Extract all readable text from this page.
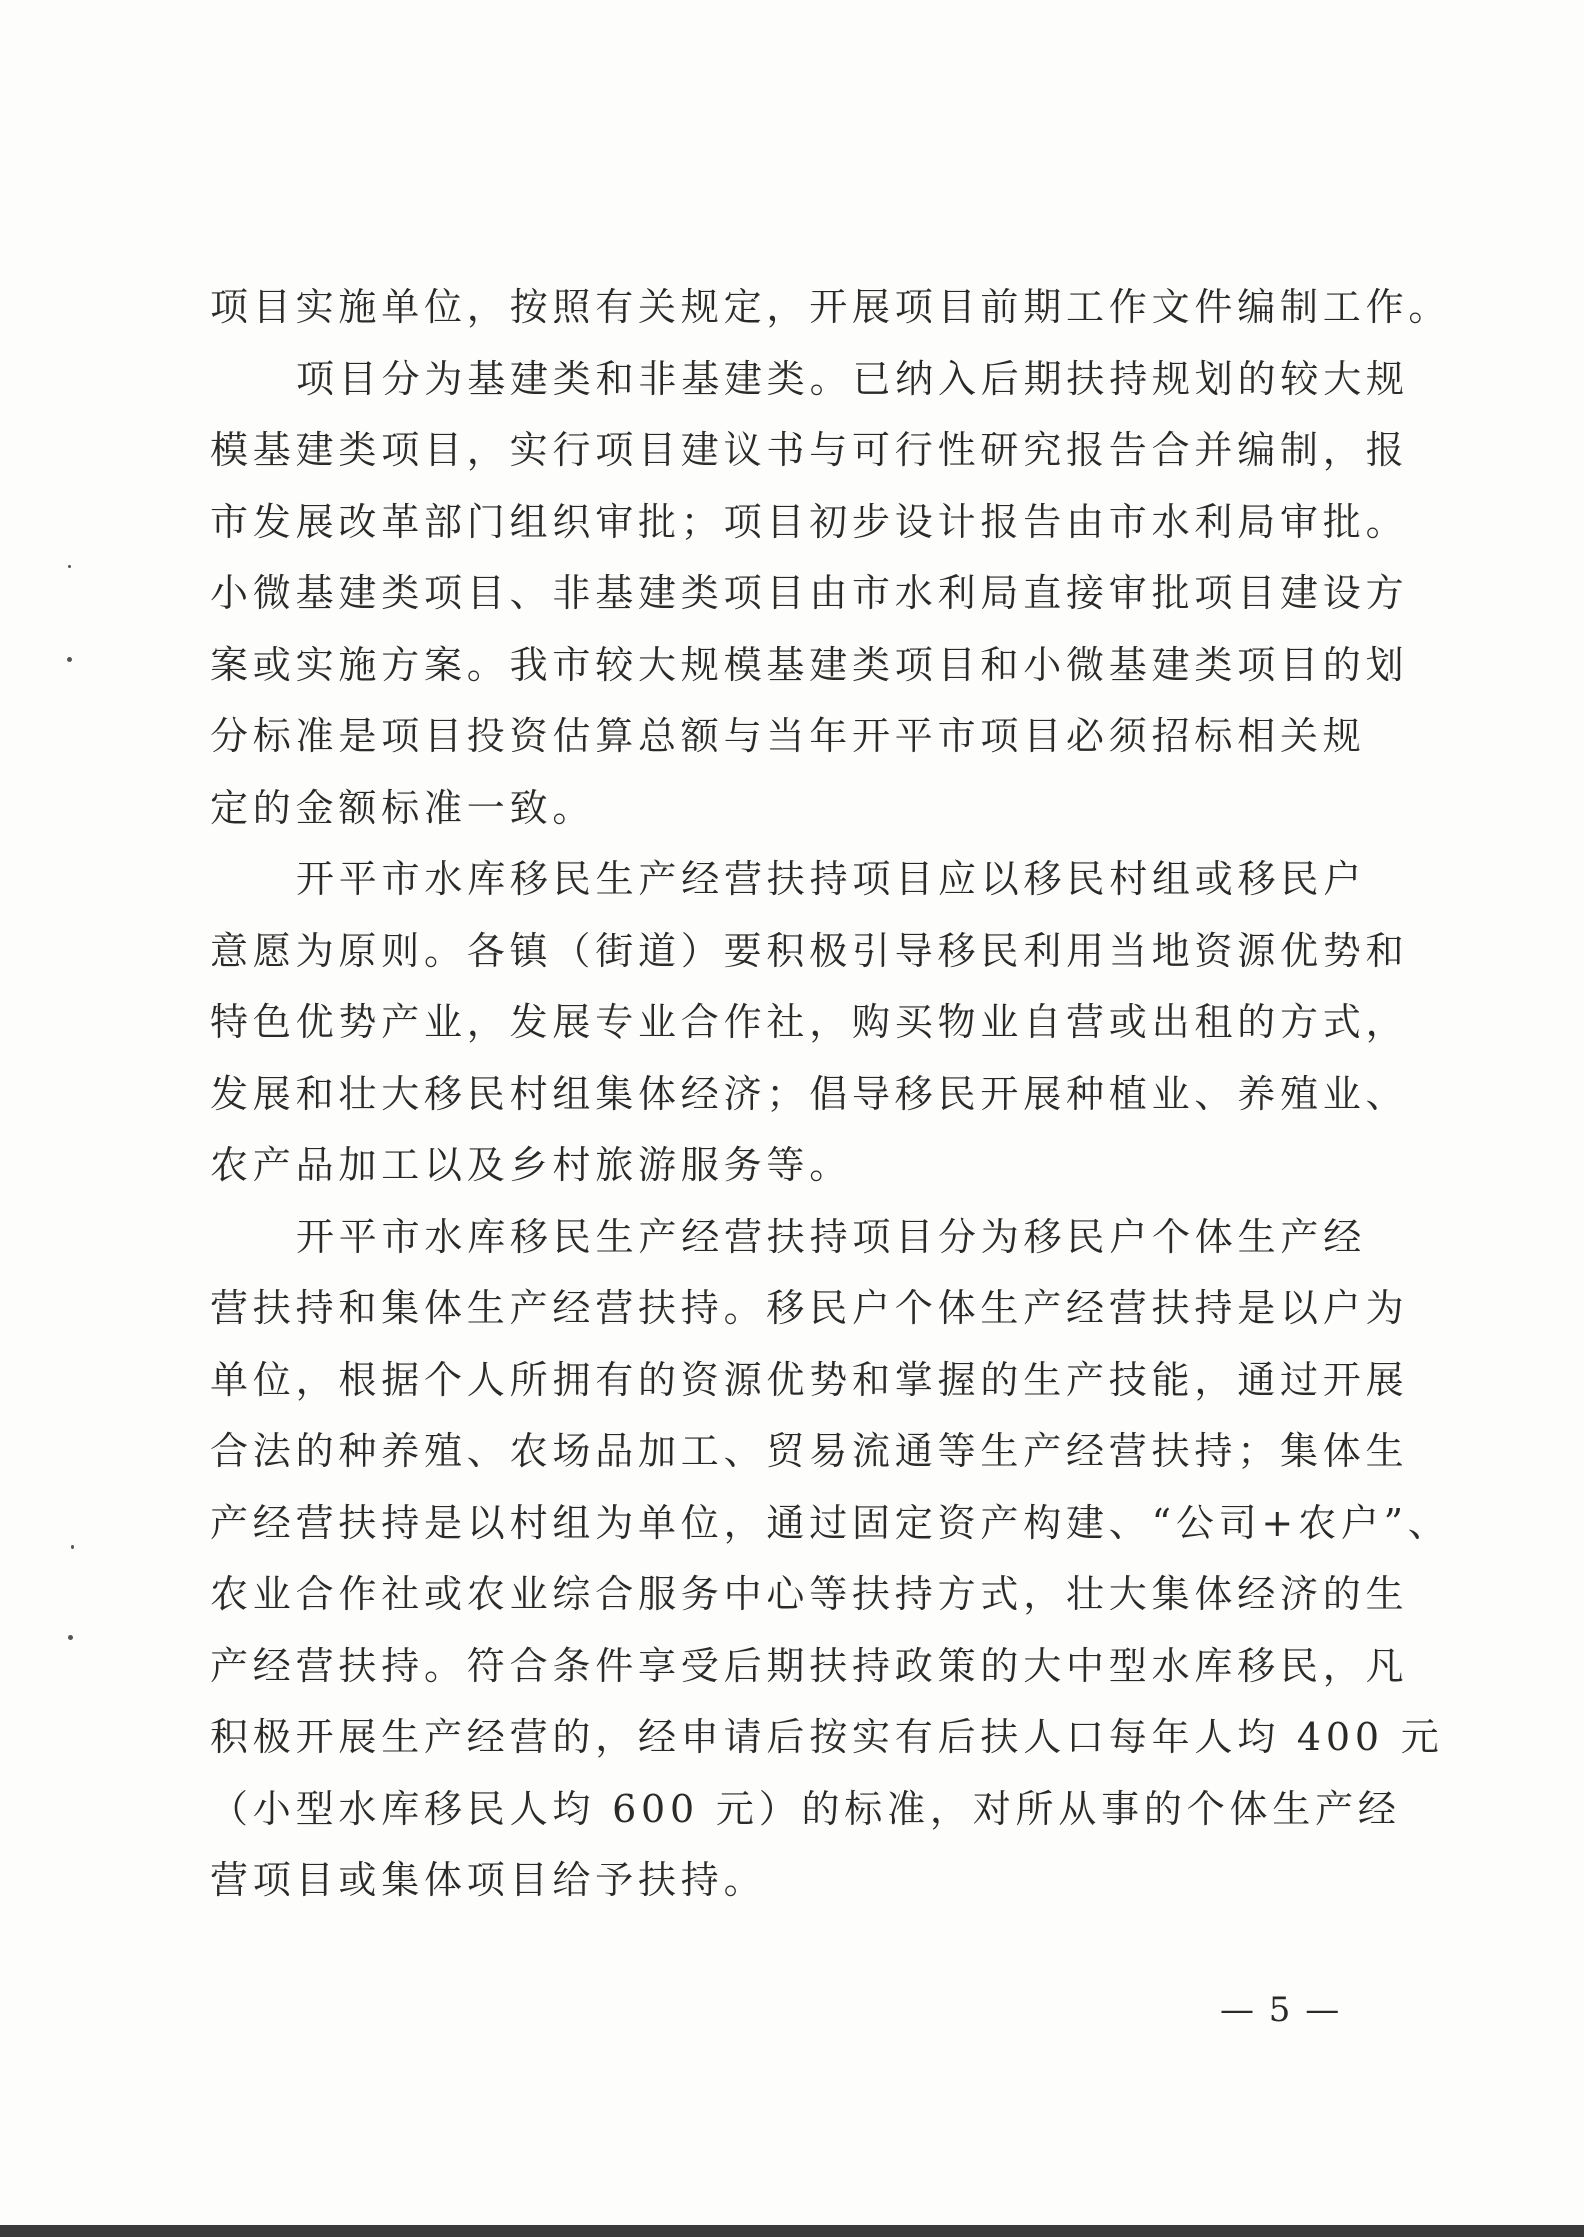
项目实施单位，按照有关规定，开展项目前期工作文件编制工作。
项目分为基建类和非基建类。已纳入后期扶持规划的较大规
模基建类项目，实行项目建议书与可行性研究报告合并编制，报
市发展改革部门组织审批；项目初步设计报告由市水利局审批。
小微基建类项目、非基建类项目由市水利局直接审批项目建设方
案或实施方案。我市较大规模基建类项目和小微基建类项目的划
分标准是项目投资估算总额与当年开平市项目必须招标相关规
定的金额标准一致。
开平市水库移民生产经营扶持项目应以移民村组或移民户
意愿为原则。各镇（街道）要积极引导移民利用当地资源优势和
特色优势产业，发展专业合作社，购买物业自营或出租的方式，
发展和壮大移民村组集体经济；倡导移民开展种植业、养殖业、
农产品加工以及乡村旅游服务等。
开平市水库移民生产经营扶持项目分为移民户个体生产经
营扶持和集体生产经营扶持。移民户个体生产经营扶持是以户为
单位，根据个人所拥有的资源优势和掌握的生产技能，通过开展
合法的种养殖、农场品加工、贸易流通等生产经营扶持；集体生
产经营扶持是以村组为单位，通过固定资产构建、“公司+农户”、
农业合作社或农业综合服务中心等扶持方式，壮大集体经济的生
产经营扶持。符合条件享受后期扶持政策的大中型水库移民，凡
积极开展生产经营的，经申请后按实有后扶人口每年人均 400 元
（小型水库移民人均 600 元）的标准，对所从事的个体生产经
营项目或集体项目给予扶持。
— 5 —
